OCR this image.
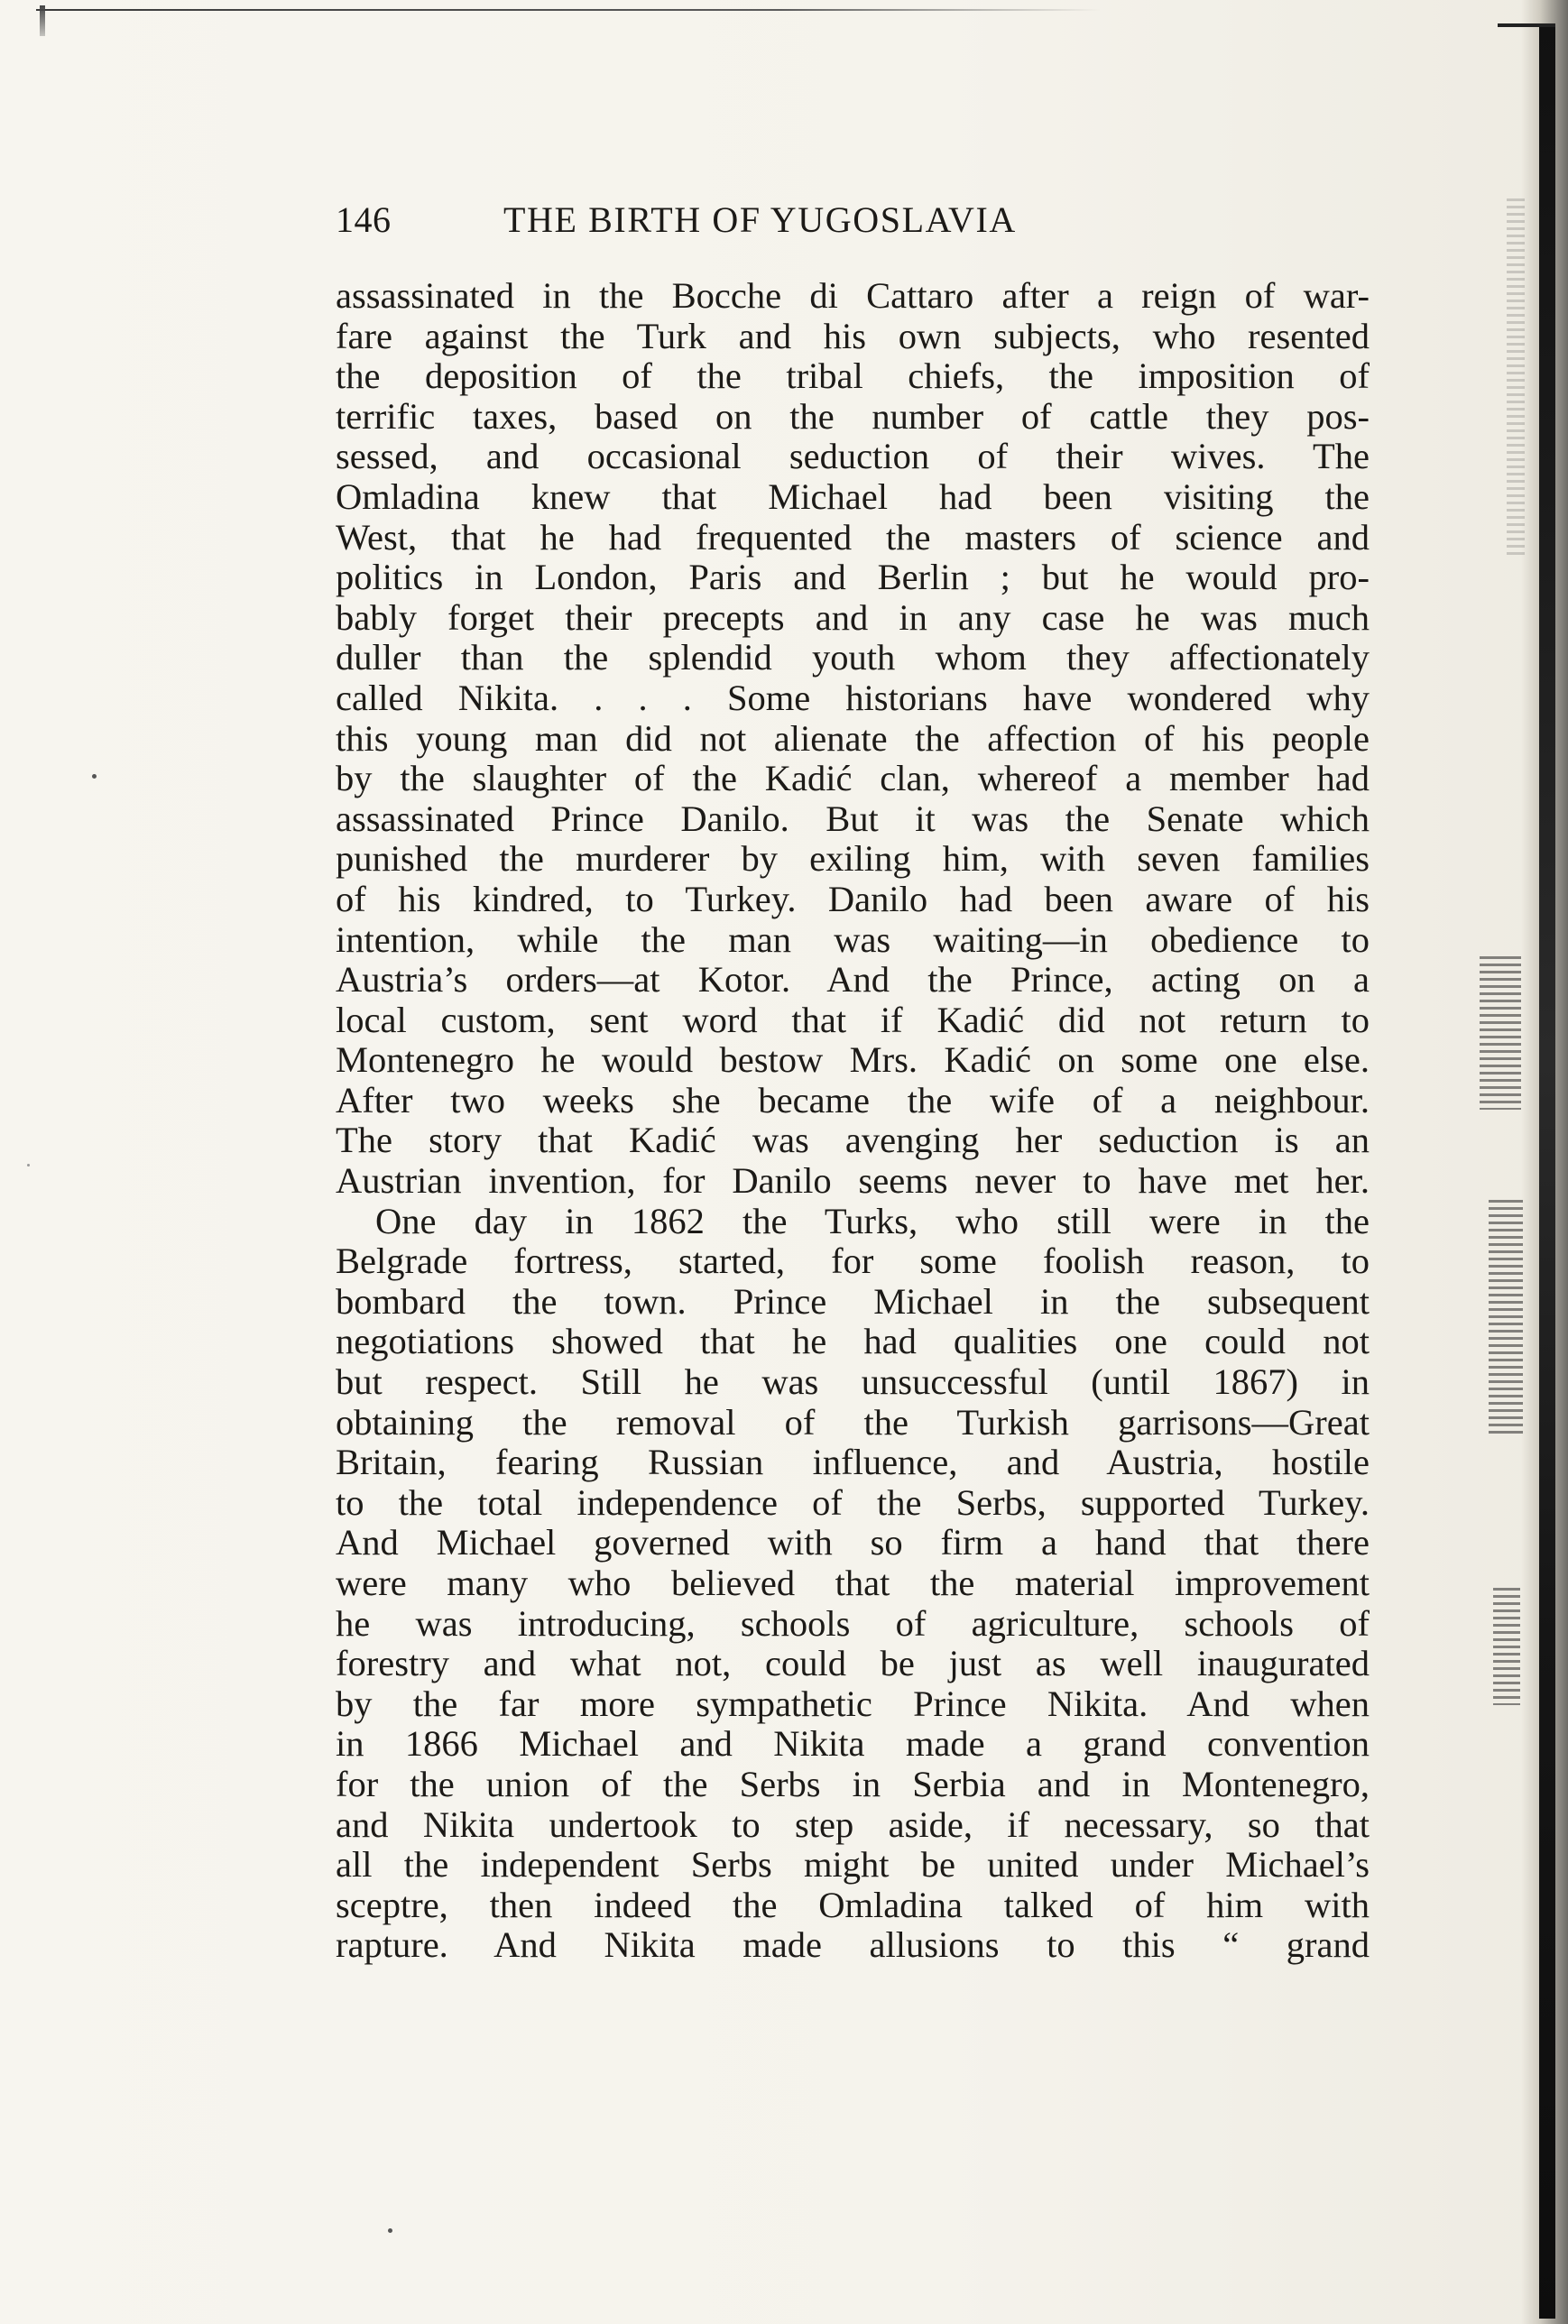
146	THE BIRTH OF YUGOSLAVIA
assassinated in the Bocche di Cattaro after a reign of war-
fare against the Turk and his own subjects, who resented
the deposition of the tribal chiefs, the imposition of
terrific taxes, based on the number of cattle they pos-
sessed, and occasional seduction of their wives. The
Omladina knew that Michael had been visiting the
West, that he had frequented the masters of science and
politics in London, Paris and Berlin ; but he would pro-
bably forget their precepts and in any case he was much
duller than the splendid youth whom they affectionately
called Nikita. . . . Some historians have wondered why
this young man did not alienate the affection of his people
by the slaughter of the Kadić clan, whereof a member had
assassinated Prince Danilo. But it was the Senate which
punished the murderer by exiling him, with seven families
of his kindred, to Turkey. Danilo had been aware of his
intention, while the man was waiting—in obedience to
Austria’s orders—at Kotor. And the Prince, acting on a
local custom, sent word that if Kadić did not return to
Montenegro he would bestow Mrs. Kadić on some one else.
After two weeks she became the wife of a neighbour.
The story that Kadić was avenging her seduction is an
Austrian invention, for Danilo seems never to have met her.
One day in 1862 the Turks, who still were in the
Belgrade fortress, started, for some foolish reason, to
bombard the town. Prince Michael in the subsequent
negotiations showed that he had qualities one could not
but respect. Still he was unsuccessful (until 1867) in
obtaining the removal of the Turkish garrisons—Great
Britain, fearing Russian influence, and Austria, hostile
to the total independence of the Serbs, supported Turkey.
And Michael governed with so firm a hand that there
were many who believed that the material improvement
he was introducing, schools of agriculture, schools of
forestry and what not, could be just as well inaugurated
by the far more sympathetic Prince Nikita. And when
in 1866 Michael and Nikita made a grand convention
for the union of the Serbs in Serbia and in Montenegro,
and Nikita undertook to step aside, if necessary, so that
all the independent Serbs might be united under Michael’s
sceptre, then indeed the Omladina talked of him with
rapture. And Nikita made allusions to this “ grand
